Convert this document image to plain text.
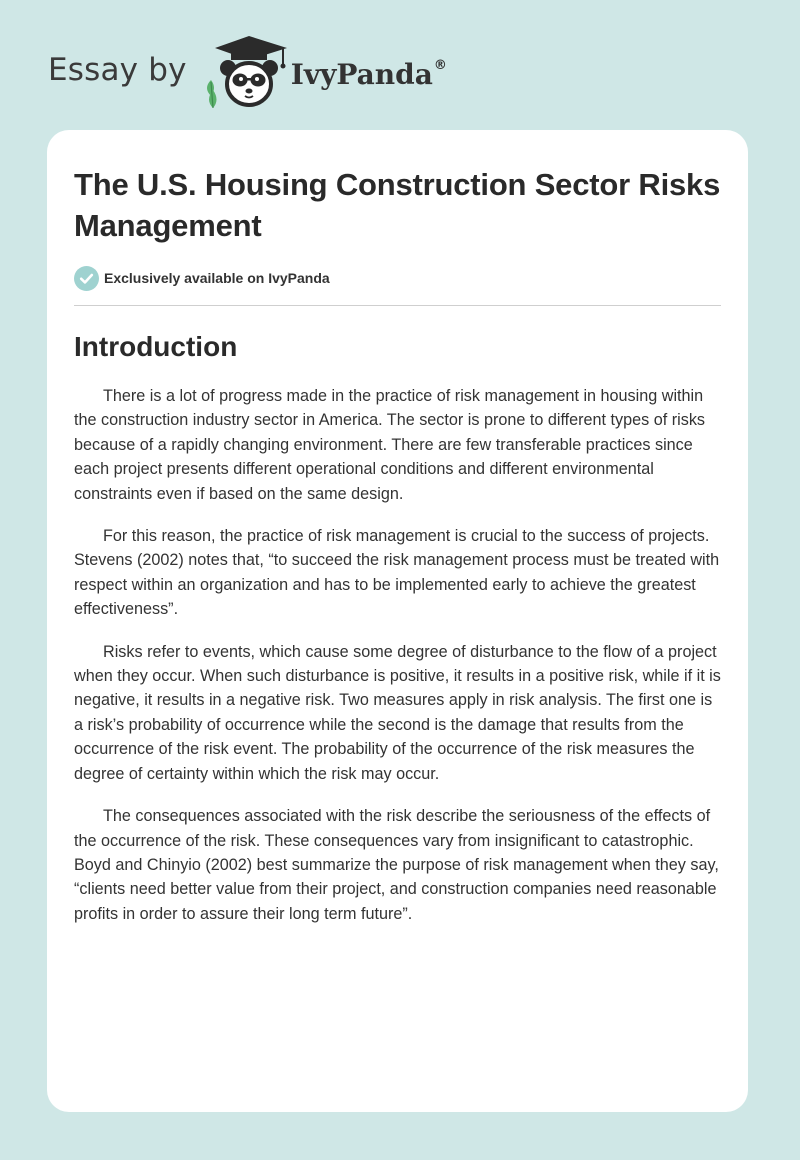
Essay by	IvyPanda®
The U.S. Housing Construction Sector Risks Management
Exclusively available on IvyPanda
Introduction

There is a lot of progress made in the practice of risk management in housing within the construction industry sector in America. The sector is prone to different types of risks because of a rapidly changing environment. There are few transferable practices since each project presents different operational conditions and different environmental constraints even if based on the same design.

For this reason, the practice of risk management is crucial to the success of projects. Stevens (2002) notes that, “to succeed the risk management process must be treated with respect within an organization and has to be implemented early to achieve the greatest effectiveness”.

Risks refer to events, which cause some degree of disturbance to the flow of a project when they occur. When such disturbance is positive, it results in a positive risk, while if it is negative, it results in a negative risk. Two measures apply in risk analysis. The first one is a risk’s probability of occurrence while the second is the damage that results from the occurrence of the risk event. The probability of the occurrence of the risk measures the degree of certainty within which the risk may occur.

The consequences associated with the risk describe the seriousness of the effects of the occurrence of the risk. These consequences vary from insignificant to catastrophic. Boyd and Chinyio (2002) best summarize the purpose of risk management when they say, “clients need better value from their project, and construction companies need reasonable profits in order to assure their long term future”.
